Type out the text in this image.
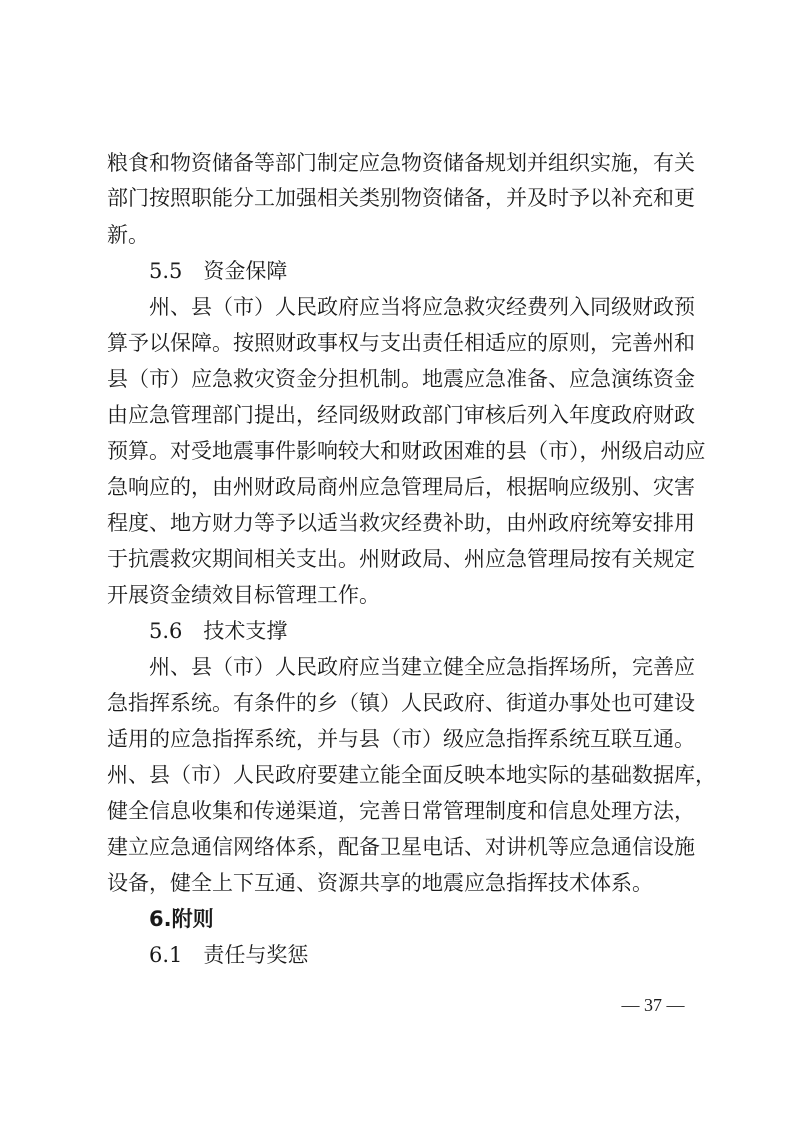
粮食和物资储备等部门制定应急物资储备规划并组织实施，有关
部门按照职能分工加强相关类别物资储备，并及时予以补充和更
新。
5.5　资金保障
州、县（市）人民政府应当将应急救灾经费列入同级财政预
算予以保障。按照财政事权与支出责任相适应的原则，完善州和
县（市）应急救灾资金分担机制。地震应急准备、应急演练资金
由应急管理部门提出，经同级财政部门审核后列入年度政府财政
预算。对受地震事件影响较大和财政困难的县（市），州级启动应
急响应的，由州财政局商州应急管理局后，根据响应级别、灾害
程度、地方财力等予以适当救灾经费补助，由州政府统筹安排用
于抗震救灾期间相关支出。州财政局、州应急管理局按有关规定
开展资金绩效目标管理工作。
5.6　技术支撑
州、县（市）人民政府应当建立健全应急指挥场所，完善应
急指挥系统。有条件的乡（镇）人民政府、街道办事处也可建设
适用的应急指挥系统，并与县（市）级应急指挥系统互联互通。
州、县（市）人民政府要建立能全面反映本地实际的基础数据库，
健全信息收集和传递渠道，完善日常管理制度和信息处理方法，
建立应急通信网络体系，配备卫星电话、对讲机等应急通信设施
设备，健全上下互通、资源共享的地震应急指挥技术体系。
6.附则
6.1　责任与奖惩
— 37 —
